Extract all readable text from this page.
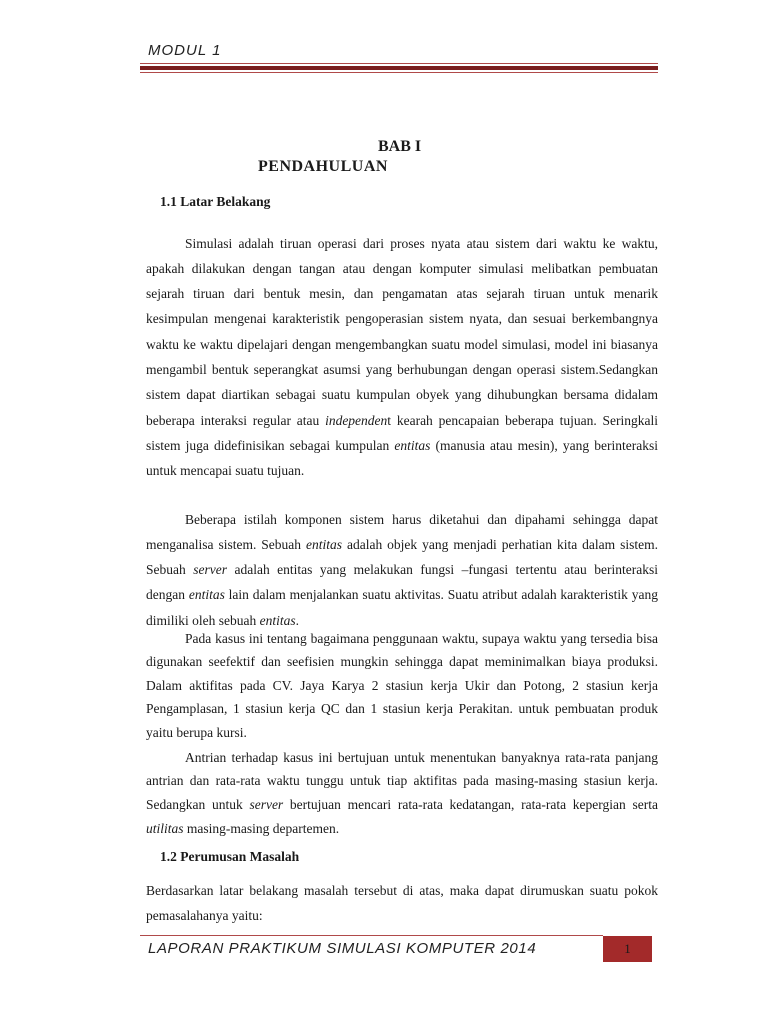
MODUL 1
BAB I
PENDAHULUAN
1.1 Latar Belakang

Simulasi adalah tiruan operasi dari proses nyata atau sistem dari waktu ke waktu, apakah dilakukan dengan tangan atau dengan komputer simulasi melibatkan pembuatan sejarah tiruan dari bentuk mesin, dan pengamatan atas sejarah tiruan untuk menarik kesimpulan mengenai karakteristik pengoperasian sistem nyata, dan sesuai berkembangnya waktu ke waktu dipelajari dengan mengembangkan suatu model simulasi, model ini biasanya mengambil bentuk seperangkat asumsi yang berhubungan dengan operasi sistem.Sedangkan sistem dapat diartikan sebagai suatu kumpulan obyek yang dihubungkan bersama didalam beberapa interaksi regular atau independent kearah pencapaian beberapa tujuan. Seringkali sistem juga didefinisikan sebagai kumpulan entitas (manusia atau mesin), yang berinteraksi untuk mencapai suatu tujuan.

Beberapa istilah komponen sistem harus diketahui dan dipahami sehingga dapat menganalisa sistem. Sebuah entitas adalah objek yang menjadi perhatian kita dalam sistem. Sebuah server adalah entitas yang melakukan fungsi –fungasi tertentu atau berinteraksi dengan entitas lain dalam menjalankan suatu aktivitas. Suatu atribut adalah karakteristik yang dimiliki oleh sebuah entitas.

Pada kasus ini tentang bagaimana penggunaan waktu, supaya waktu yang tersedia bisa digunakan seefektif dan seefisien mungkin sehingga dapat meminimalkan biaya produksi. Dalam aktifitas pada CV. Jaya Karya 2 stasiun kerja Ukir dan Potong, 2 stasiun kerja Pengamplasan, 1 stasiun kerja QC dan 1 stasiun kerja Perakitan. untuk pembuatan produk yaitu berupa kursi.

Antrian terhadap kasus ini bertujuan untuk menentukan banyaknya rata-rata panjang antrian dan rata-rata waktu tunggu untuk tiap aktifitas pada masing-masing stasiun kerja. Sedangkan untuk server bertujuan mencari rata-rata kedatangan, rata-rata kepergian serta utilitas masing-masing departemen.

1.2 Perumusan Masalah

Berdasarkan latar belakang masalah tersebut di atas, maka dapat dirumuskan suatu pokok pemasalahanya yaitu:

LAPORAN PRAKTIKUM SIMULASI KOMPUTER 2014	1
